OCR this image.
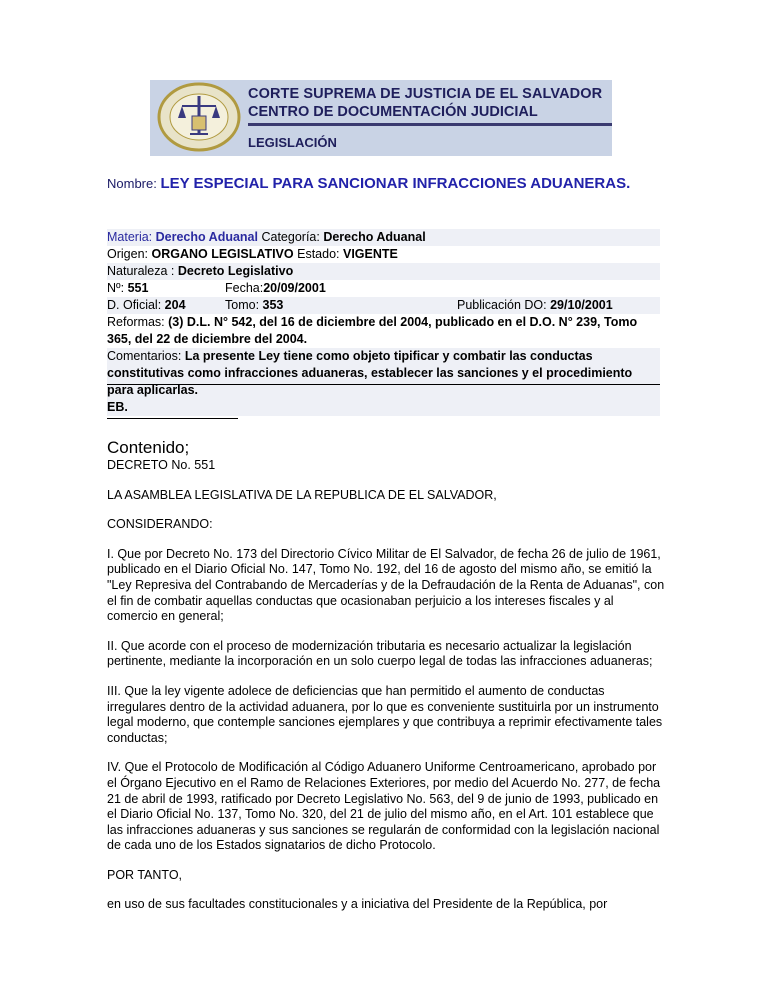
CORTE SUPREMA DE JUSTICIA DE EL SALVADOR
CENTRO DE DOCUMENTACIÓN JUDICIAL
LEGISLACIÓN
Nombre: LEY ESPECIAL PARA SANCIONAR INFRACCIONES ADUANERAS.
Materia: Derecho Aduanal Categoría: Derecho Aduanal
Origen: ORGANO LEGISLATIVO Estado: VIGENTE
Naturaleza : Decreto Legislativo
Nº: 551	Fecha:20/09/2001
D. Oficial: 204	Tomo: 353	Publicación DO: 29/10/2001
Reformas: (3) D.L. N° 542, del 16 de diciembre del 2004, publicado en el D.O. N° 239, Tomo 365, del 22 de diciembre del 2004.
Comentarios: La presente Ley tiene como objeto tipificar y combatir las conductas constitutivas como infracciones aduaneras, establecer las sanciones y el procedimiento para aplicarlas.
EB.
Contenido;

DECRETO No. 551

LA ASAMBLEA LEGISLATIVA DE LA REPUBLICA DE EL SALVADOR,

CONSIDERANDO:

I. Que por Decreto No. 173 del Directorio Cívico Militar de El Salvador, de fecha 26 de julio de 1961, publicado en el Diario Oficial No. 147, Tomo No. 192, del 16 de agosto del mismo año, se emitió la "Ley Represiva del Contrabando de Mercaderías y de la Defraudación de la Renta de Aduanas", con el fin de combatir aquellas conductas que ocasionaban perjuicio a los intereses fiscales y al comercio en general;

II. Que acorde con el proceso de modernización tributaria es necesario actualizar la legislación pertinente, mediante la incorporación en un solo cuerpo legal de todas las infracciones aduaneras;

III. Que la ley vigente adolece de deficiencias que han permitido el aumento de conductas irregulares dentro de la actividad aduanera, por lo que es conveniente sustituirla por un instrumento legal moderno, que contemple sanciones ejemplares y que contribuya a reprimir efectivamente tales conductas;

IV. Que el Protocolo de Modificación al Código Aduanero Uniforme Centroamericano, aprobado por el Órgano Ejecutivo en el Ramo de Relaciones Exteriores, por medio del Acuerdo No. 277, de fecha 21 de abril de 1993, ratificado por Decreto Legislativo No. 563, del 9 de junio de 1993, publicado en el Diario Oficial No. 137, Tomo No. 320, del 21 de julio del mismo año, en el Art. 101 establece que las infracciones aduaneras y sus sanciones se regularán de conformidad con la legislación nacional de cada uno de los Estados signatarios de dicho Protocolo.

POR TANTO,

en uso de sus facultades constitucionales y a iniciativa del Presidente de la República, por
